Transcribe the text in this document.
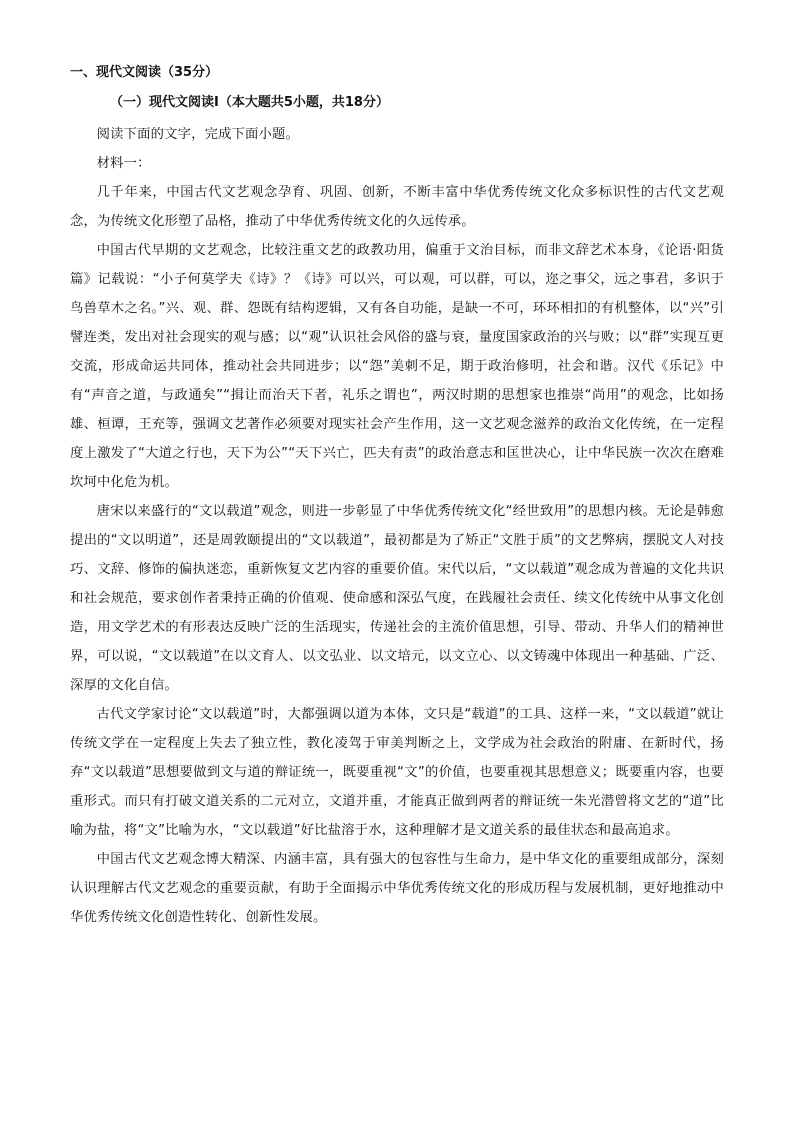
一、现代文阅读（35分）
（一）现代文阅读Ⅰ（本大题共5小题，共18分）

阅读下面的文字，完成下面小题。

材料一：

几千年来，中国古代文艺观念孕育、巩固、创新，不断丰富中华优秀传统文化众多标识性的古代文艺观念，为传统文化形塑了品格，推动了中华优秀传统文化的久远传承。

中国古代早期的文艺观念，比较注重文艺的政教功用，偏重于文治目标，而非文辞艺术本身，《论语·阳货篇》记载说：“小子何莫学夫《诗》？《诗》可以兴，可以观，可以群，可以，迩之事父，远之事君，多识于鸟兽草木之名。”兴、观、群、怨既有结构逻辑，又有各自功能，是缺一不可，环环相扣的有机整体，以“兴”引譬连类，发出对社会现实的观与感；以“观”认识社会风俗的盛与衰，量度国家政治的兴与败；以“群”实现互更交流，形成命运共同体，推动社会共同进步；以“怨”美刺不足，期于政治修明，社会和谐。汉代《乐记》中有“声音之道，与政通矣”“揖让而治天下者，礼乐之谓也”，两汉时期的思想家也推崇“尚用”的观念，比如扬雄、桓谭，王充等，强调文艺著作必须要对现实社会产生作用，这一文艺观念滋养的政治文化传统，在一定程度上激发了“大道之行也，天下为公”“天下兴亡，匹夫有责”的政治意志和匡世决心，让中华民族一次次在磨难坎坷中化危为机。

唐宋以来盛行的“文以载道”观念，则进一步彰显了中华优秀传统文化“经世致用”的思想内核。无论是韩愈提出的“文以明道”，还是周敦颐提出的“文以载道”，最初都是为了矫正“文胜于质”的文艺弊病，摆脱文人对技巧、文辞、修饰的偏执迷恋，重新恢复文艺内容的重要价值。宋代以后，“文以载道”观念成为普遍的文化共识和社会规范，要求创作者秉持正确的价值观、使命感和深弘气度，在践履社会责任、续文化传统中从事文化创造，用文学艺术的有形表达反映广泛的生活现实，传递社会的主流价值思想，引导、带动、升华人们的精神世界，可以说，“文以载道”在以文育人、以文弘业、以文培元，以文立心、以文铸魂中体现出一种基础、广泛、深厚的文化自信。

古代文学家讨论“文以载道”时，大都强调以道为本体，文只是“载道”的工具、这样一来，“文以载道”就让传统文学在一定程度上失去了独立性，教化凌驾于审美判断之上，文学成为社会政治的附庸、在新时代，扬弃“文以载道”思想要做到文与道的辩证统一，既要重视“文”的价值，也要重视其思想意义；既要重内容，也要重形式。而只有打破文道关系的二元对立，文道并重，才能真正做到两者的辩证统一朱光潜曾将文艺的“道”比喻为盐，将“文”比喻为水，“文以载道”好比盐溶于水，这种理解才是文道关系的最佳状态和最高追求。

中国古代文艺观念博大精深、内涵丰富，具有强大的包容性与生命力，是中华文化的重要组成部分，深刻认识理解古代文艺观念的重要贡献，有助于全面揭示中华优秀传统文化的形成历程与发展机制，更好地推动中华优秀传统文化创造性转化、创新性发展。
